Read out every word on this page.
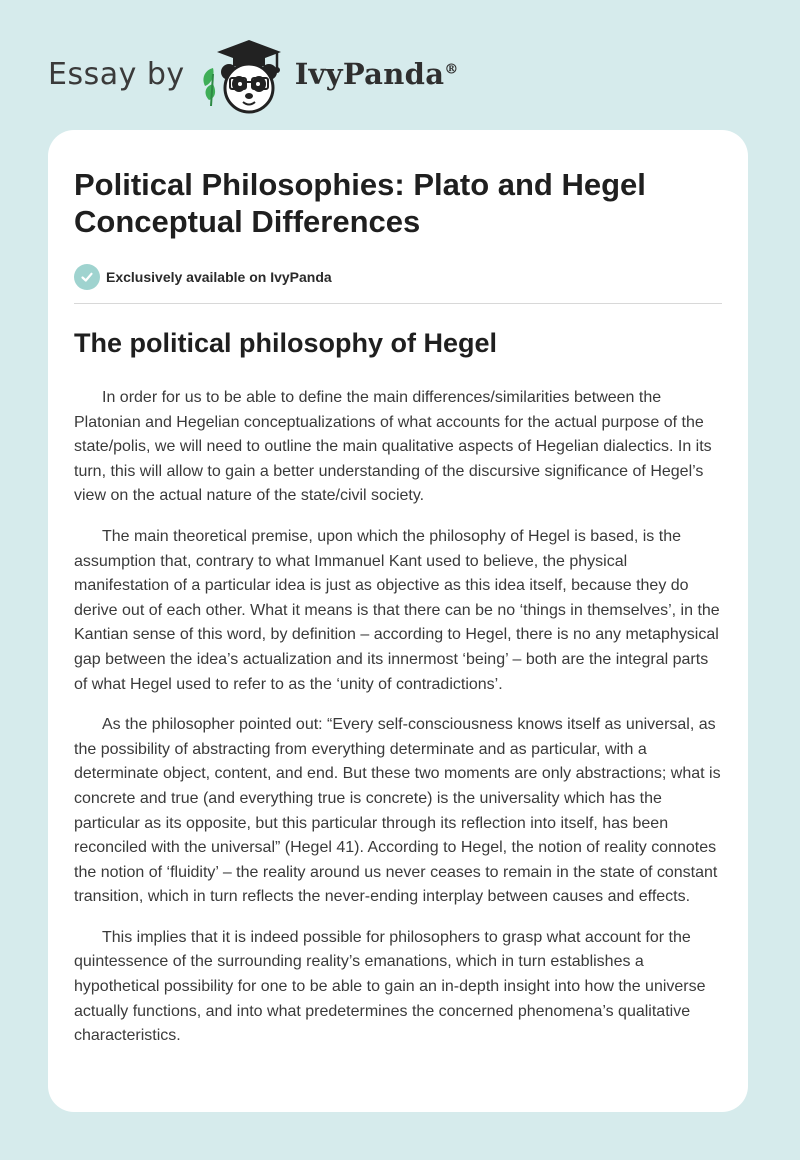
Essay by	IvyPanda®
Political Philosophies: Plato and Hegel Conceptual Differences
Exclusively available on IvyPanda
The political philosophy of Hegel

In order for us to be able to define the main differences/similarities between the Platonian and Hegelian conceptualizations of what accounts for the actual purpose of the state/polis, we will need to outline the main qualitative aspects of Hegelian dialectics. In its turn, this will allow to gain a better understanding of the discursive significance of Hegel’s view on the actual nature of the state/civil society.

The main theoretical premise, upon which the philosophy of Hegel is based, is the assumption that, contrary to what Immanuel Kant used to believe, the physical manifestation of a particular idea is just as objective as this idea itself, because they do derive out of each other. What it means is that there can be no ‘things in themselves’, in the Kantian sense of this word, by definition – according to Hegel, there is no any metaphysical gap between the idea’s actualization and its innermost ‘being’ – both are the integral parts of what Hegel used to refer to as the ‘unity of contradictions’.

As the philosopher pointed out: “Every self-consciousness knows itself as universal, as the possibility of abstracting from everything determinate and as particular, with a determinate object, content, and end. But these two moments are only abstractions; what is concrete and true (and everything true is concrete) is the universality which has the particular as its opposite, but this particular through its reflection into itself, has been reconciled with the universal” (Hegel 41). According to Hegel, the notion of reality connotes the notion of ‘fluidity’ – the reality around us never ceases to remain in the state of constant transition, which in turn reflects the never-ending interplay between causes and effects.

This implies that it is indeed possible for philosophers to grasp what account for the quintessence of the surrounding reality’s emanations, which in turn establishes a hypothetical possibility for one to be able to gain an in-depth insight into how the universe actually functions, and into what predetermines the concerned phenomena’s qualitative characteristics.
